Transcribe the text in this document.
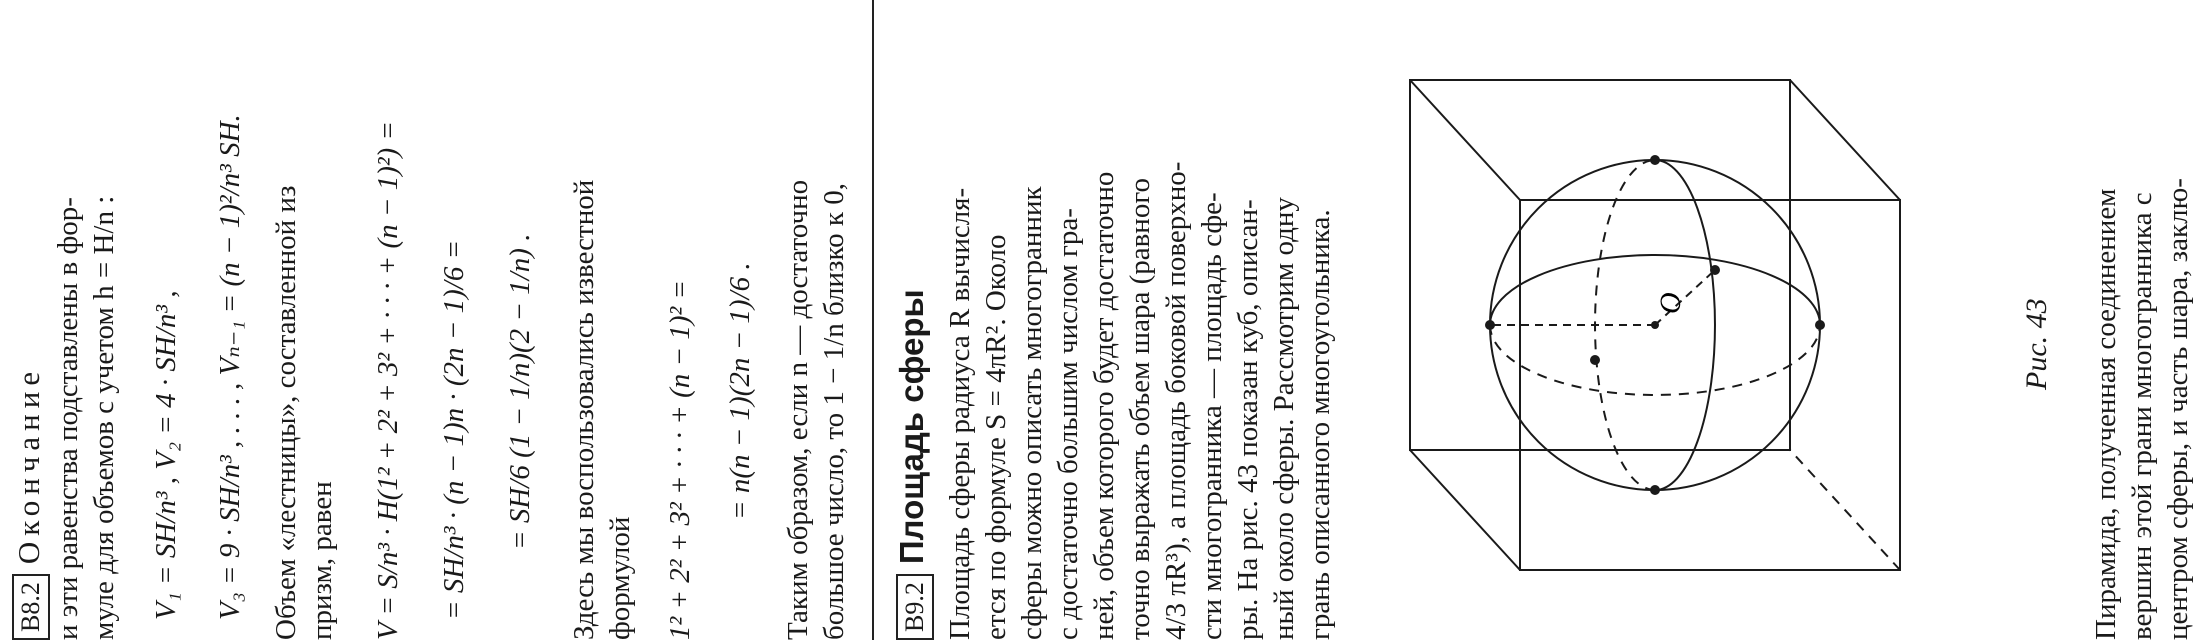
B8.2Окончание и эти равенства подставлены в фор- муле для объемов с учетом h = H/n : V₁ = SH/n³ , V₂ = 4 · SH/n³ , V₃ = 9 · SH/n³ , . . . , Vₙ₋₁ = (n − 1)²/n³ SH. Объем «лестницы», составленной из призм, равен V = S/n³ · H(1² + 2² + 3² + · · · + (n − 1)²) = = SH/n³ · (n − 1)n · (2n − 1)/6 = = SH/6 (1 − 1/n)(2 − 1/n) . Здесь мы воспользовались известной формулой 1² + 2² + 3² + · · · + (n − 1)² = = n(n − 1)(2n − 1)/6 . Таким образом, если n — достаточно большое число, то 1 − 1/n близко к 0, B9.2Площадь сферы Площадь сферы радиуса R вычисля- ется по формуле S = 4πR². Около сферы можно описать многогранник с достаточно большим числом гра- ней, объем которого будет достаточно точно выражать объем шара (равного 4/3 πR³), а площадь боковой поверхно- сти многогранника — площадь сфе- ры. На рис. 43 показан куб, описан- ный около сферы. Рассмотрим одну грань описанного многоугольника.	O	Рис. 43 Пирамида, полученная соединением вершин этой грани многогранника с центром сферы, и часть шара, заклю-
